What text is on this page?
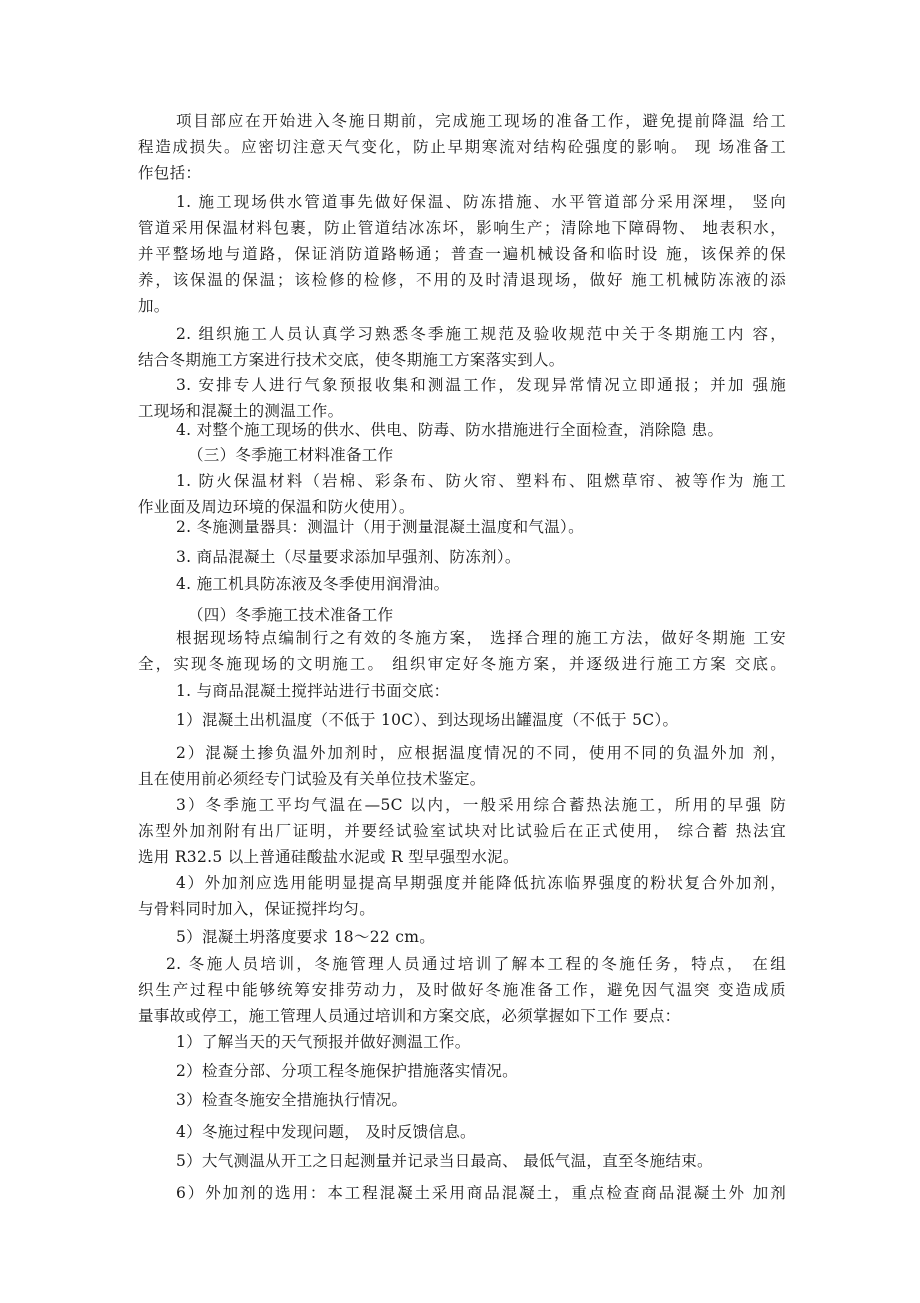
项目部应在开始进入冬施日期前，完成施工现场的准备工作，避免提前降温 给工
程造成损失。应密切注意天气变化，防止早期寒流对结构砼强度的影响。 现 场准备工
作包括：
1. 施工现场供水管道事先做好保温、防冻措施、水平管道部分采用深埋， 竖向
管道采用保温材料包裹，防止管道结冰冻坏，影响生产；清除地下障碍物、 地表积水，
并平整场地与道路，保证消防道路畅通；普查一遍机械设备和临时设 施，该保养的保
养，该保温的保温；该检修的检修，不用的及时清退现场，做好 施工机械防冻液的添
加。
2. 组织施工人员认真学习熟悉冬季施工规范及验收规范中关于冬期施工内 容，
结合冬期施工方案进行技术交底，使冬期施工方案落实到人。
3. 安排专人进行气象预报收集和测温工作，发现异常情况立即通报；并加 强施
工现场和混凝土的测温工作。
4. 对整个施工现场的供水、供电、防毒、防水措施进行全面检查，消除隐 患。
（三）冬季施工材料准备工作
1. 防火保温材料（岩棉、彩条布、防火帘、塑料布、阻燃草帘、被等作为 施工
作业面及周边环境的保温和防火使用）。
2. 冬施测量器具：测温计（用于测量混凝土温度和气温）。
3. 商品混凝土（尽量要求添加早强剂、防冻剂）。
4. 施工机具防冻液及冬季使用润滑油。
（四）冬季施工技术准备工作
根据现场特点编制行之有效的冬施方案， 选择合理的施工方法，做好冬期施 工安
全，实现冬施现场的文明施工。 组织审定好冬施方案，并逐级进行施工方案 交底。
1. 与商品混凝土搅拌站进行书面交底：
1）混凝土出机温度（不低于 10C）、到达现场出罐温度（不低于 5C）。
2）混凝土掺负温外加剂时，应根据温度情况的不同，使用不同的负温外加 剂，
且在使用前必须经专门试验及有关单位技术鉴定。
3）冬季施工平均气温在—5C 以内，一般采用综合蓄热法施工，所用的早强 防
冻型外加剂附有出厂证明，并要经试验室试块对比试验后在正式使用， 综合蓄 热法宜
选用 R32.5 以上普通硅酸盐水泥或 R 型早强型水泥。
4）外加剂应选用能明显提高早期强度并能降低抗冻临界强度的粉状复合外加剂，
与骨料同时加入，保证搅拌均匀。
5）混凝土坍落度要求 18～22 cm。
2. 冬施人员培训，冬施管理人员通过培训了解本工程的冬施任务，特点， 在组
织生产过程中能够统筹安排劳动力，及时做好冬施准备工作，避免因气温突 变造成质
量事故或停工，施工管理人员通过培训和方案交底，必须掌握如下工作 要点：
1）了解当天的天气预报并做好测温工作。
2）检查分部、分项工程冬施保护措施落实情况。
3）检查冬施安全措施执行情况。
4）冬施过程中发现问题， 及时反馈信息。
5）大气测温从开工之日起测量并记录当日最高、 最低气温，直至冬施结束。
6）外加剂的选用：本工程混凝土采用商品混凝土，重点检查商品混凝土外 加剂
